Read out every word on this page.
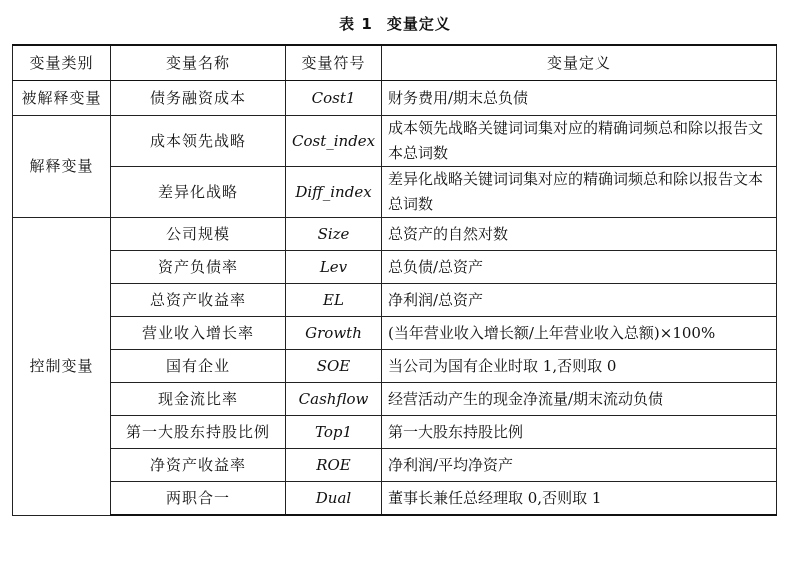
表 1 变量定义
变量类别	变量名称	变量符号	变量定义
被解释变量	债务融资成本	Cost1	财务费用/期末总负债
解释变量	成本领先战略	Cost_index	成本领先战略关键词词集对应的精确词频总和除以报告文本总词数
	差异化战略	Diff_index	差异化战略关键词词集对应的精确词频总和除以报告文本总词数
控制变量	公司规模	Size	总资产的自然对数
	资产负债率	Lev	总负债/总资产
	总资产收益率	EL	净利润/总资产
	营业收入增长率	Growth	(当年营业收入增长额/上年营业收入总额)×100%
	国有企业	SOE	当公司为国有企业时取 1,否则取 0
	现金流比率	Cashflow	经营活动产生的现金净流量/期末流动负债
	第一大股东持股比例	Top1	第一大股东持股比例
	净资产收益率	ROE	净利润/平均净资产
	两职合一	Dual	董事长兼任总经理取 0,否则取 1
